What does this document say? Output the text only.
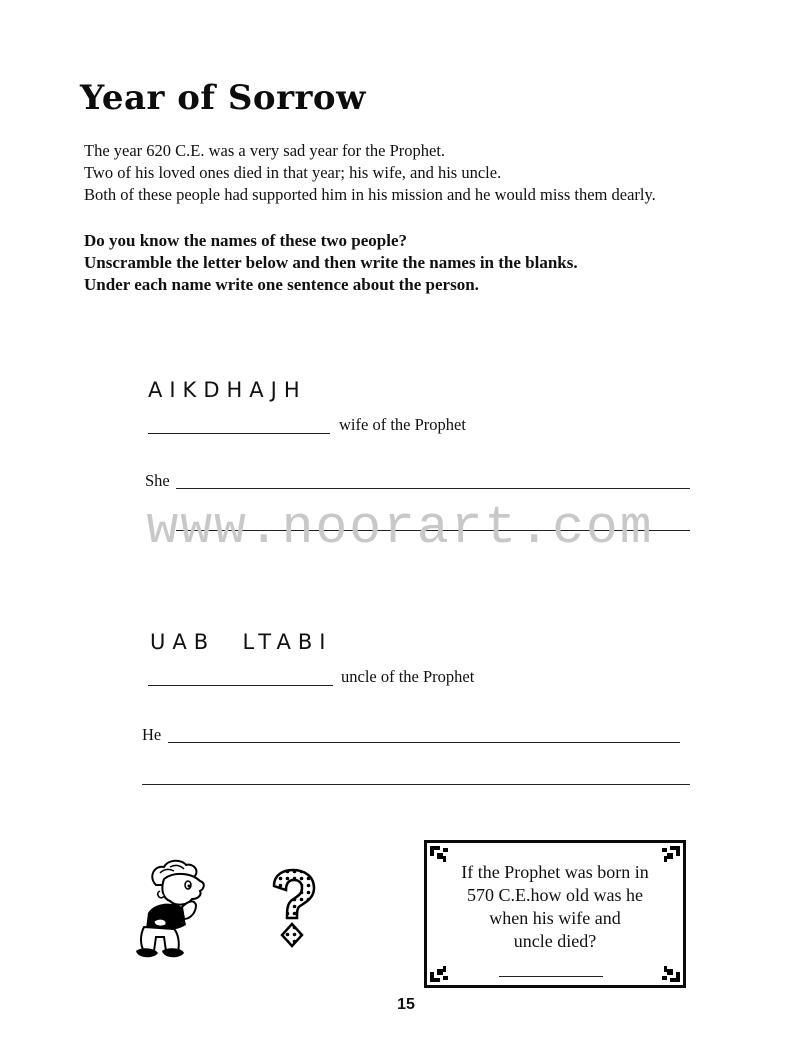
Year of Sorrow
The year 620 C.E. was a very sad year for the Prophet.
Two of his loved ones died in that year; his wife, and his uncle.
Both of these people had supported him in his mission and he would miss them dearly.
Do you know the names of these two people?
Unscramble the letter below and then write the names in the blanks.
Under each name write one sentence about the person.
AIKDHAJH
wife of the Prophet
She
www.noorart.com
UAB  LTABI
uncle of the Prophet
He
If the Prophet was born in
570 C.E.how old was he
when his wife and
uncle died?
15
